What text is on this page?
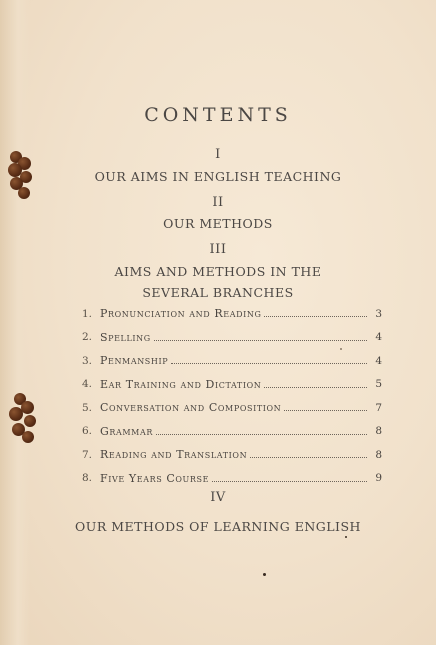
CONTENTS
I
OUR AIMS IN ENGLISH TEACHING
II
OUR METHODS
III
AIMS AND METHODS IN THE
SEVERAL BRANCHES
1. Pronunciation and Reading	3
2. Spelling	4
3. Penmanship	4
4. Ear Training and Dictation	5
5. Conversation and Composition	7
6. Grammar	8
7. Reading and Translation	8
8. Five Years Course	9
IV
OUR METHODS OF LEARNING ENGLISH
